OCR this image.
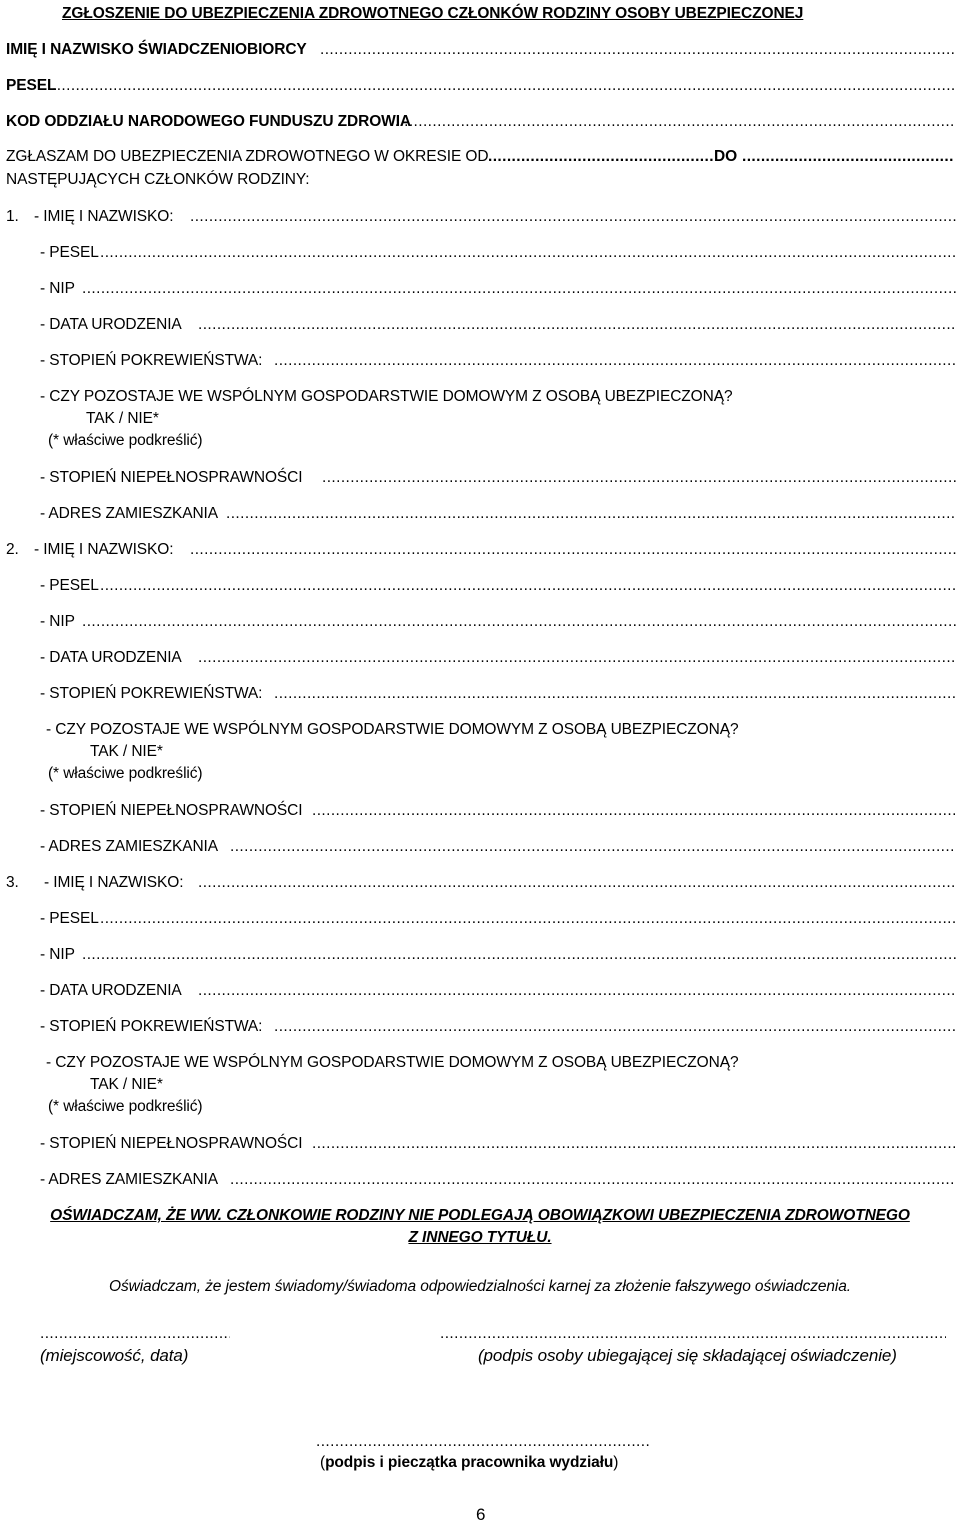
ZGŁOSZENIE DO UBEZPIECZENIA ZDROWOTNEGO CZŁONKÓW RODZINY OSOBY UBEZPIECZONEJ
IMIĘ I NAZWISKO ŚWIADCZENIOBIORCY
.....
PESEL
.....
KOD ODDZIAŁU NARODOWEGO FUNDUSZU ZDROWIA
.....
ZGŁASZAM DO UBEZPIECZENIA ZDROWOTNEGO W OKRESIE OD
.....	DO
.....
NASTĘPUJĄCYCH CZŁONKÓW RODZINY:
1. - IMIĘ I NAZWISKO:
.....
- PESEL
.....
- NIP
.....
- DATA URODZENIA
.....
- STOPIEŃ POKREWIEŃSTWA:
.....
- CZY POZOSTAJE WE WSPÓLNYM GOSPODARSTWIE DOMOWYM Z OSOBĄ UBEZPIECZONĄ?
TAK / NIE*
(* właściwe podkreślić)
- STOPIEŃ NIEPEŁNOSPRAWNOŚCI
.....
- ADRES ZAMIESZKANIA
.....
2. - IMIĘ I NAZWISKO:
.....
- PESEL
.....
- NIP
.....
- DATA URODZENIA
.....
- STOPIEŃ POKREWIEŃSTWA:
.....
- CZY POZOSTAJE WE WSPÓLNYM GOSPODARSTWIE DOMOWYM Z OSOBĄ UBEZPIECZONĄ?
TAK / NIE*
(* właściwe podkreślić)
- STOPIEŃ NIEPEŁNOSPRAWNOŚCI
.....
- ADRES ZAMIESZKANIA
.....
3. - IMIĘ I NAZWISKO:
.....
- PESEL
.....
- NIP
.....
- DATA URODZENIA
.....
- STOPIEŃ POKREWIEŃSTWA:
.....
- CZY POZOSTAJE WE WSPÓLNYM GOSPODARSTWIE DOMOWYM Z OSOBĄ UBEZPIECZONĄ?
TAK / NIE*
(* właściwe podkreślić)
- STOPIEŃ NIEPEŁNOSPRAWNOŚCI
.....
- ADRES ZAMIESZKANIA
.....
OŚWIADCZAM, ŻE WW. CZŁONKOWIE RODZINY NIE PODLEGAJĄ OBOWIĄZKOWI UBEZPIECZENIA ZDROWOTNEGO
Z INNEGO TYTUŁU.
Oświadczam, że jestem świadomy/świadoma odpowiedzialności karnej za złożenie fałszywego oświadczenia.
.....
.....
(miejscowość, data)	(podpis osoby ubiegającej się składającej oświadczenie)
.....
(podpis i pieczątka pracownika wydziału)
6
